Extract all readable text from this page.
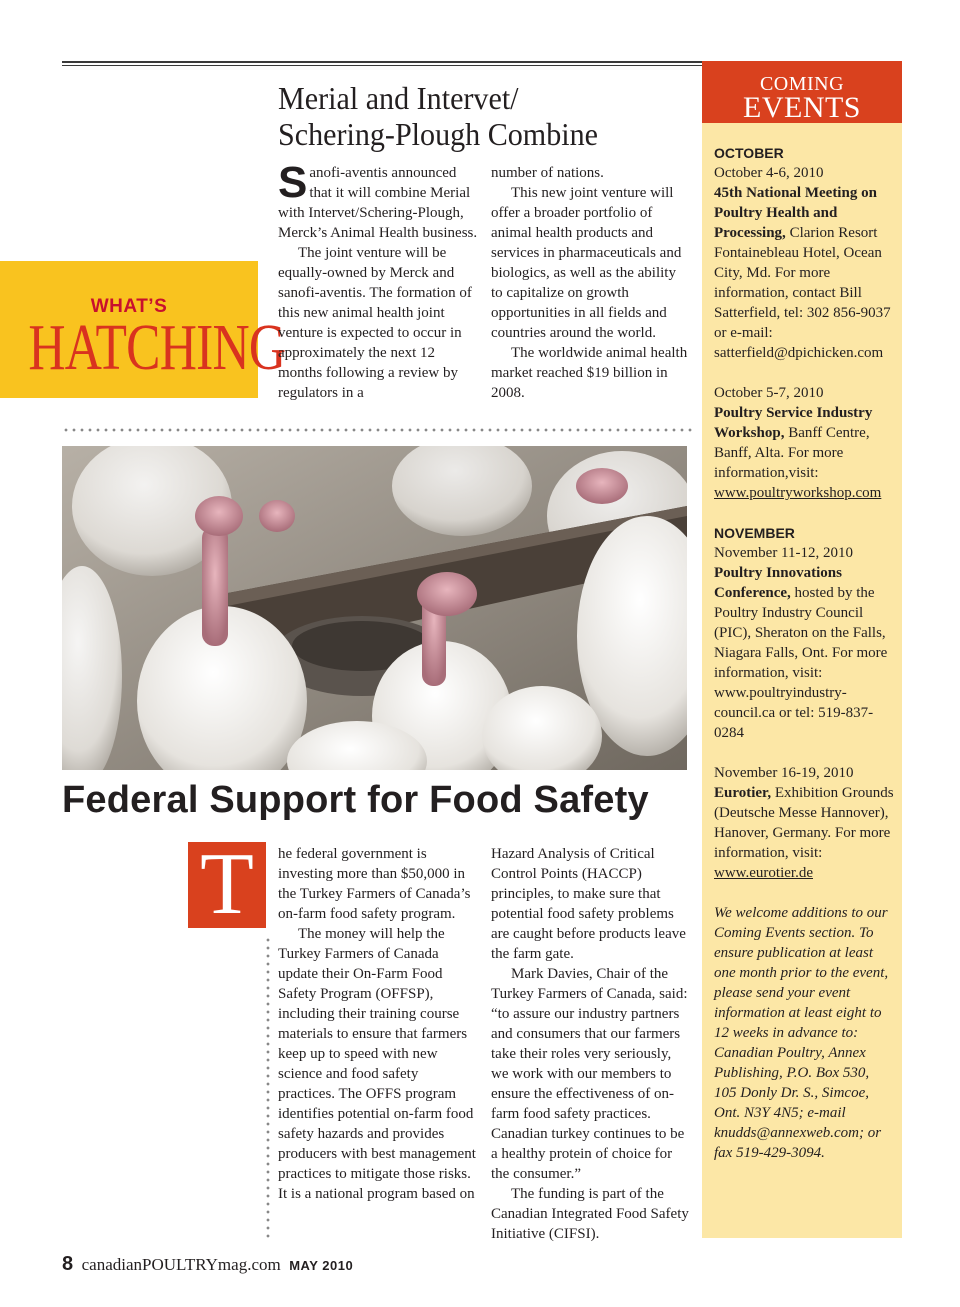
WHAT’S
HATCHING
Merial and Intervet/
Schering-Plough Combine

Sanofi-aventis announced that it will combine Merial with Intervet/Schering-Plough, Merck’s Animal Health business.

The joint venture will be equally-owned by Merck and sanofi-aventis. The formation of this new animal health joint venture is expected to occur in approximately the next 12 months following a review by regulators in a

number of nations.

This new joint venture will offer a broader portfolio of animal health products and services in pharmaceuticals and biologics, as well as the ability to capitalize on growth opportunities in all fields and countries around the world.

The worldwide animal health market reached $19 billion in 2008.

Federal Support for Food Safety
T	he federal government is investing more than $50,000 in the Turkey Farmers of Canada’s on-farm food safety program.

The money will help the Turkey Farmers of Canada update their On-Farm Food Safety Program (OFFSP), including their training course materials to ensure that farmers keep up to speed with new science and food safety practices. The OFFS program identifies potential on-farm food safety hazards and provides producers with best management practices to mitigate those risks. It is a national program based on

Hazard Analysis of Critical Control Points (HACCP) principles, to make sure that potential food safety problems are caught before products leave the farm gate.

Mark Davies, Chair of the Turkey Farmers of Canada, said: “to assure our industry partners and consumers that our farmers take their roles very seriously, we work with our members to ensure the effectiveness of on-farm food safety practices. Canadian turkey continues to be a healthy protein of choice for the consumer.”

The funding is part of the Canadian Integrated Food Safety Initiative (CIFSI).

COMING
EVENTS

OCTOBER

October 4-6, 2010

45th National Meeting on Poultry Health and Processing, Clarion Resort Fontainebleau Hotel, Ocean City, Md. For more information, contact Bill Satterfield, tel: 302 856-9037 or e-mail: satterfield@dpichicken.com

October 5-7, 2010

Poultry Service Industry Workshop, Banff Centre, Banff, Alta. For more information,visit: www.poultryworkshop.com

NOVEMBER

November 11-12, 2010

Poultry Innovations Conference, hosted by the Poultry Industry Council (PIC), Sheraton on the Falls, Niagara Falls, Ont. For more information, visit: www.poultryindustry-council.ca or tel: 519-837-0284

November 16-19, 2010

Eurotier, Exhibition Grounds (Deutsche Messe Hannover), Hanover, Germany. For more information, visit: www.eurotier.de

We welcome additions to our Coming Events section. To ensure publication at least one month prior to the event, please send your event information at least eight to 12 weeks in advance to: Canadian Poultry, Annex Publishing, P.O. Box 530, 105 Donly Dr. S., Simcoe, Ont. N3Y 4N5; e-mail knudds@annexweb.com; or fax 519-429-3094.

8 canadianPOULTRYmag.com MAY 2010
